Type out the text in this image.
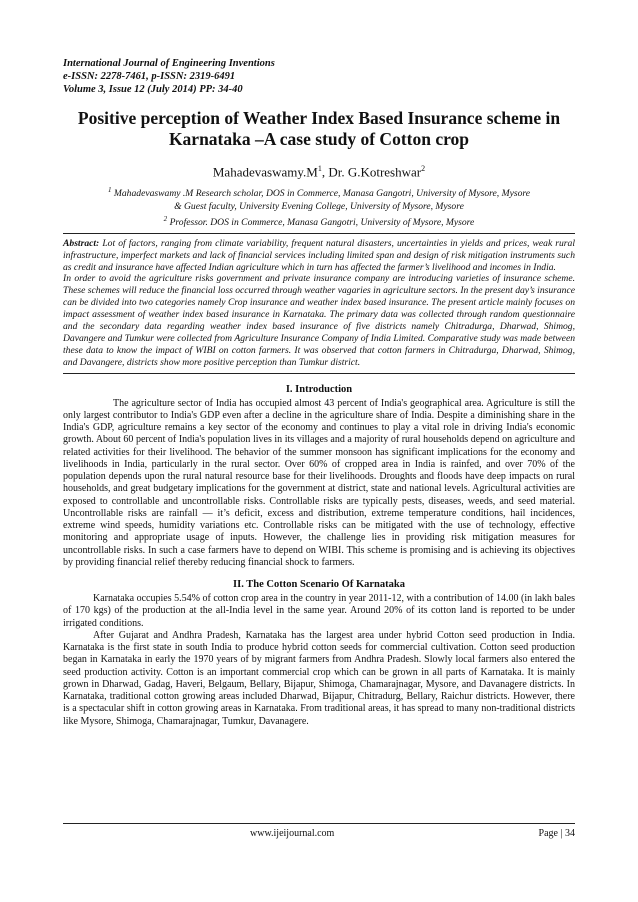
International Journal of Engineering Inventions
e-ISSN: 2278-7461, p-ISSN: 2319-6491
Volume 3, Issue 12 (July 2014) PP: 34-40
Positive perception of Weather Index Based Insurance scheme in
Karnataka –A case study of Cotton crop
$Mahadevaswamy.M^1$, Dr. G.Kotreshwar$^2$
$^1$ Mahadevaswamy .M Research scholar, DOS in Commerce, Manasa Gangotri, University of Mysore, Mysore
& Guest faculty, University Evening College, University of Mysore, Mysore
$^2$ Professor. DOS in Commerce, Manasa Gangotri, University of Mysore, Mysore

Abstract: Lot of factors, ranging from climate variability, frequent natural disasters, uncertainties in yields and prices, weak rural infrastructure, imperfect markets and lack of financial services including limited span and design of risk mitigation instruments such as credit and insurance have affected Indian agriculture which in turn has affected the farmer’s livelihood and incomes in India.

In order to avoid the agriculture risks government and private insurance company are introducing varieties of insurance scheme. These schemes will reduce the financial loss occurred through weather vagaries in agriculture sectors. In the present day’s insurance can be divided into two categories namely Crop insurance and weather index based insurance. The present article mainly focuses on impact assessment of weather index based insurance in Karnataka. The primary data was collected through random questionnaire and the secondary data regarding weather index based insurance of five districts namely Chitradurga, Dharwad, Shimog, Davangere and Tumkur were collected from Agriculture Insurance Company of India Limited. Comparative study was made between these data to know the impact of WIBI on cotton farmers. It was observed that cotton farmers in Chitradurga, Dharwad, Shimog, and Davangere, districts show more positive perception than Tumkur district.

I. Introduction

The agriculture sector of India has occupied almost 43 percent of India's geographical area. Agriculture is still the only largest contributor to India's GDP even after a decline in the agriculture share of India. Despite a diminishing share in the India's GDP, agriculture remains a key sector of the economy and continues to play a vital role in driving India's economic growth. About 60 percent of India's population lives in its villages and a majority of rural households depend on agriculture and related activities for their livelihood. The behavior of the summer monsoon has significant implications for the economy and livelihoods in India, particularly in the rural sector. Over 60% of cropped area in India is rainfed, and over 70% of the population depends upon the rural natural resource base for their livelihoods. Droughts and floods have deep impacts on rural households, and great budgetary implications for the government at district, state and national levels. Agricultural activities are exposed to controllable and uncontrollable risks. Controllable risks are typically pests, diseases, weeds, and seed material. Uncontrollable risks are rainfall — it’s deficit, excess and distribution, extreme temperature conditions, hail incidences, extreme wind speeds, humidity variations etc. Controllable risks can be mitigated with the use of technology, effective monitoring and appropriate usage of inputs. However, the challenge lies in providing risk mitigation measures for uncontrollable risks. In such a case farmers have to depend on WIBI. This scheme is promising and is achieving its objectives by providing financial relief thereby reducing financial shock to farmers.

II. The Cotton Scenario Of Karnataka

Karnataka occupies 5.54% of cotton crop area in the country in year 2011-12, with a contribution of 14.00 (in lakh bales of 170 kgs) of the production at the all-India level in the same year. Around 20% of its cotton land is reported to be under irrigated conditions.

After Gujarat and Andhra Pradesh, Karnataka has the largest area under hybrid Cotton seed production in India. Karnataka is the first state in south India to produce hybrid cotton seeds for commercial cultivation. Cotton seed production began in Karnataka in early the 1970 years of by migrant farmers from Andhra Pradesh. Slowly local farmers also entered the seed production activity. Cotton is an important commercial crop which can be grown in all parts of Karnataka. It is mainly grown in Dharwad, Gadag, Haveri, Belgaum, Bellary, Bijapur, Shimoga, Chamarajnagar, Mysore, and Davanagere districts. In Karnataka, traditional cotton growing areas included Dharwad, Bijapur, Chitradurg, Bellary, Raichur districts. However, there is a spectacular shift in cotton growing areas in Karnataka. From traditional areas, it has spread to many non-traditional districts like Mysore, Shimoga, Chamarajnagar, Tumkur, Davanagere.

www.ijeijournal.com	Page | 34
